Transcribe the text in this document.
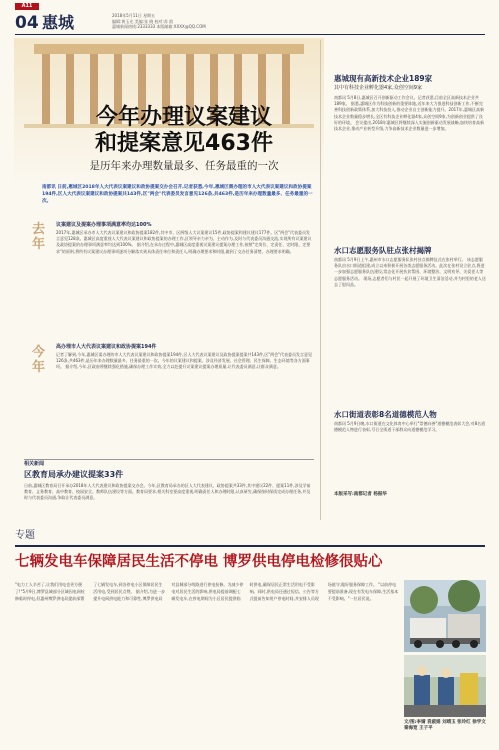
A11
04 惠城	2018年5月11日 星期五
编辑:黄玉光 美编:张 晓 校对:苏 韵
惠城新闻热线:2333333 本版邮箱:XXXX@QQ.COM
今年办理议案建议
和提案意见463件
是历年来办理数量最多、任务最重的一次
南都讯 日前,惠城区2018年人大代表议案建议和政协提案交办会召开,记者获悉,今年,惠城区需办理的市人大代表议案建议和政协提案194件,区人大代表议案建议和政协提案共143件,区"两会"代表委员发言意见126条,共463件,是历年来办理数量最多、任务最重的一次。
去年
议案建议及提案办理事项满意率均达100%
2017年,惠城区承办市人大代表议案建议和政协提案182件,其中市、区两级人大议案建议15件,政协提案和建议建议177件。区"两会"代表委员发言意见128条。惠城区高度重视人大代表议案建议和政协提案的办理工作,区领导亲力亲为、主动作为,及时与代表委员沟通交流,实现所有议案建议及政协提案的办理事项满意率均达到100%。 据介绍,在承办过程中,惠城区高度重视议案建议提案办理工作,按照"定岗位、定责任、定时限、定要求"的原则,将所有议案建议办理事项逐项分解落实到具体责任单位和责任人,明确办理要求和时限,做到了交办任务清楚、办理要求明确。
今年
高办理市人大代表议案建议和政协提案194件
记者了解到,今年,惠城区需办理的市人大代表议案建议和政协提案194件,区人大代表议案建议及政协提案提案共143件,区"两会"代表委员发言意见126条,共463件,是历年来办理数量最多、任务最重的一次。今年的议案建议和提案、涉及经济发展、社会管理、民生保障、生态环境等各方面事项。 据介绍,今年,区政府将继续强化措施,确保办理工作实效,全力以赴提升议案建议提案办理质量,让代表委员满意,让群众满意。
相关新闻
区教育局承办建议提案33件
日前,惠城区教育局召开承办2018年人大代表建议和政协提案交办会。今年,区教育局承办的区人大代表建议、政协提案共33件,其中建议22件、提案11件,涉及学前教育、义务教育、高中教育、校园安全、教师队伍建设等方面。教育局要求,相关科室要高度重视,明确责任人和办理时限,认真研究,确保按时保质完成办理任务,并及时与代表委员沟通,争取让代表委员满意。
惠城现有高新技术企业189家
其中有科技企业孵化器4家,众创空间9家
南都讯 5月8日,惠城区召开创新驱动工作会议。记者获悉,目前全区高新技术企业共189家。 据悉,惠城区作为科技创新的重要阵地,近年来大力推进科技创新工作,不断完善科技创新政策体系,加大科技投入,推动企业自主创新能力提升。2017年,惠城区高新技术企业数量稳步增长,全区有科技企业孵化器4家,众创空间9家,为创新创业提供了良好的环境。 会议提出,2018年惠城区将继续深入实施创新驱动发展战略,加快培育高新技术企业,推动产业转型升级,力争高新技术企业数量进一步增加。
水口志愿服务队驻点张村揭牌
南都讯 5月9日上午,惠州市水口志愿服务队张村驻点揭牌仪式在张村举行。 该志愿服务队由水口街道组建,成立以来积极开展各类志愿服务活动。此次在张村设立驻点,将进一步加强志愿服务队伍建设,常态化开展扶贫帮困、环境整治、文明劝导、关爱老人等志愿服务活动。 现场,志愿者们与村民一起开展了环境卫生清洁活动,并为村里的老人送去了慰问品。
水口街道表彰8名道德模范人物
南都讯 5月9日晚,水口街道在文化体育中心举行"崇德向善"道德模范表彰大会,对8名道德模范人物进行表彰,号召全街道干部群众向道德模范学习。
本版采写:南都记者 杨振华
专题
七辆发电车保障居民生活不停电 博罗供电停电检修很贴心
"电力工人辛苦了,让我们用电也更方便了!"5月9日,博罗县城部分区域因电网检修临时停电,但惠州博罗供电局提前部署了七辆发电车,到各停电小区保障居民生活用电,受到居民点赞。 据介绍,为进一步提升电网供电能力和可靠性,博罗供电局对县城部分线路进行停电检修。为减少停电对居民生活的影响,供电局提前调配七辆发电车,在停电期间为小区居民提供临时供电,确保居民正常生活用电不受影响。同时,供电局还通过短信、公告等方式提前告知用户停电时间,并安排人员现场值守,做好服务保障工作。 "以前停电要提前准备,现在有发电车保障,生活基本不受影响。"一位居民说。
文/图:李婧 袁淑娟 刘靖玉 张玲红 徐学文 秦海宽 王子平
